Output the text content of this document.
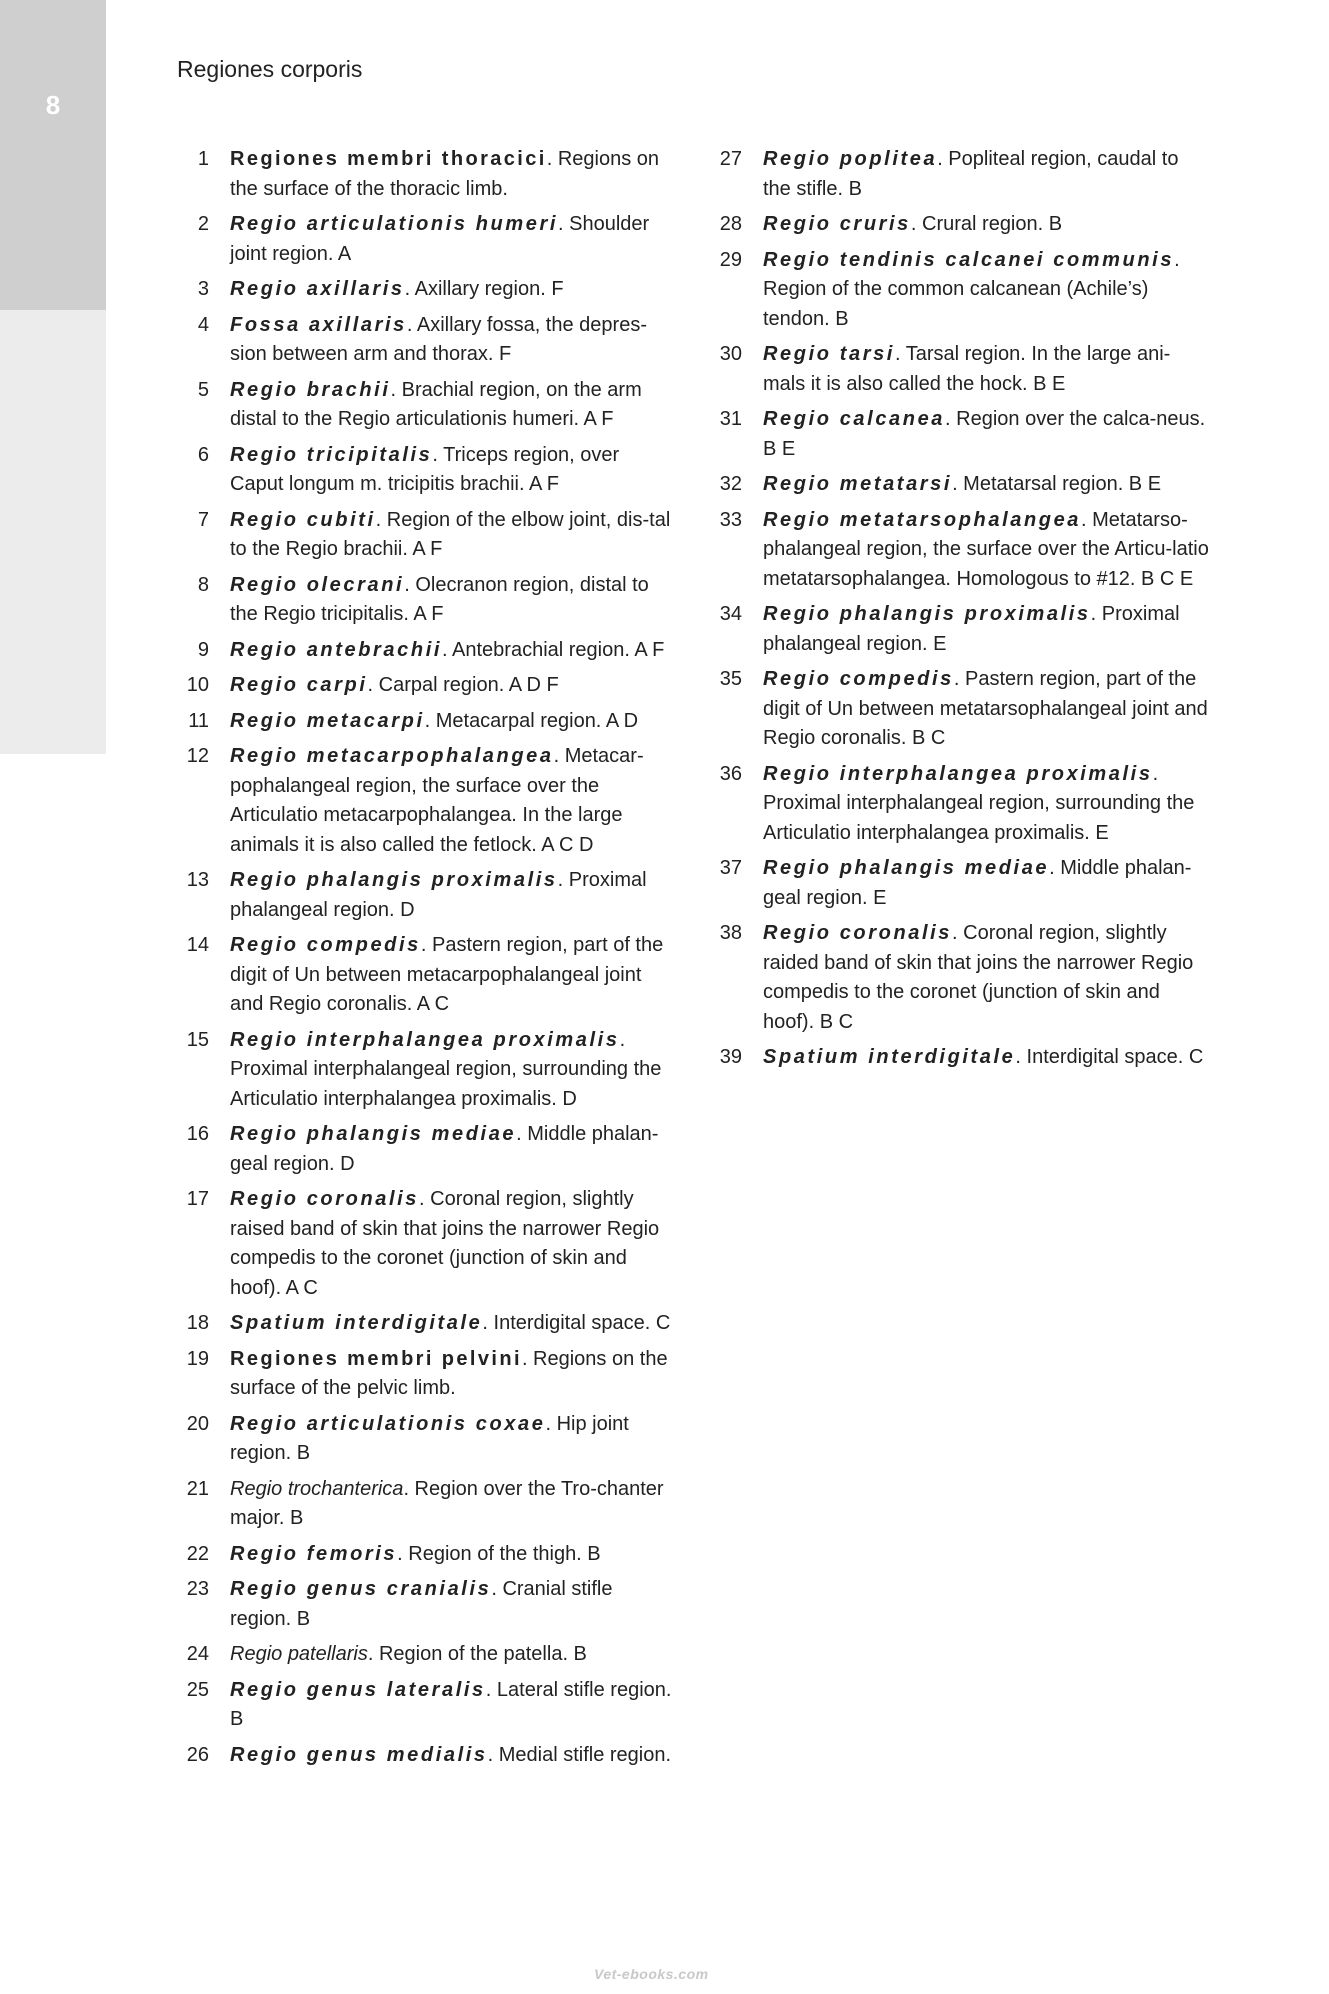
8
Regiones corporis
1 Regiones membri thoracici. Regions on the surface of the thoracic limb.
2 Regio articulationis humeri. Shoulder joint region. A
3 Regio axillaris. Axillary region. F
4 Fossa axillaris. Axillary fossa, the depres-sion between arm and thorax. F
5 Regio brachii. Brachial region, on the arm distal to the Regio articulationis humeri. A F
6 Regio tricipitalis. Triceps region, over Caput longum m. tricipitis brachii. A F
7 Regio cubiti. Region of the elbow joint, dis-tal to the Regio brachii. A F
8 Regio olecrani. Olecranon region, distal to the Regio tricipitalis. A F
9 Regio antebrachii. Antebrachial region. A F
10 Regio carpi. Carpal region. A D F
11 Regio metacarpi. Metacarpal region. A D
12 Regio metacarpophalangea. Metacar-pophalangeal region, the surface over the Articulatio metacarpophalangea. In the large animals it is also called the fetlock. A C D
13 Regio phalangis proximalis. Proximal phalangeal region. D
14 Regio compedis. Pastern region, part of the digit of Un between metacarpophalangeal joint and Regio coronalis. A C
15 Regio interphalangea proximalis. Proximal interphalangeal region, surrounding the Articulatio interphalangea proximalis. D
16 Regio phalangis mediae. Middle phalan-geal region. D
17 Regio coronalis. Coronal region, slightly raised band of skin that joins the narrower Regio compedis to the coronet (junction of skin and hoof). A C
18 Spatium interdigitale. Interdigital space. C
19 Regiones membri pelvini. Regions on the surface of the pelvic limb.
20 Regio articulationis coxae. Hip joint region. B
21 Regio trochanterica. Region over the Tro-chanter major. B
22 Regio femoris. Region of the thigh. B
23 Regio genus cranialis. Cranial stifle region. B
24 Regio patellaris. Region of the patella. B
25 Regio genus lateralis. Lateral stifle region. B
26 Regio genus medialis. Medial stifle region.
27 Regio poplitea. Popliteal region, caudal to the stifle. B
28 Regio cruris. Crural region. B
29 Regio tendinis calcanei communis. Region of the common calcanean (Achile’s) tendon. B
30 Regio tarsi. Tarsal region. In the large ani-mals it is also called the hock. B E
31 Regio calcanea. Region over the calca-neus. B E
32 Regio metatarsi. Metatarsal region. B E
33 Regio metatarsophalangea. Metatarso-phalangeal region, the surface over the Articu-latio metatarsophalangea. Homologous to #12. B C E
34 Regio phalangis proximalis. Proximal phalangeal region. E
35 Regio compedis. Pastern region, part of the digit of Un between metatarsophalangeal joint and Regio coronalis. B C
36 Regio interphalangea proximalis. Proximal interphalangeal region, surrounding the Articulatio interphalangea proximalis. E
37 Regio phalangis mediae. Middle phalan-geal region. E
38 Regio coronalis. Coronal region, slightly raided band of skin that joins the narrower Regio compedis to the coronet (junction of skin and hoof). B C
39 Spatium interdigitale. Interdigital space. C
Vet-ebooks.com
